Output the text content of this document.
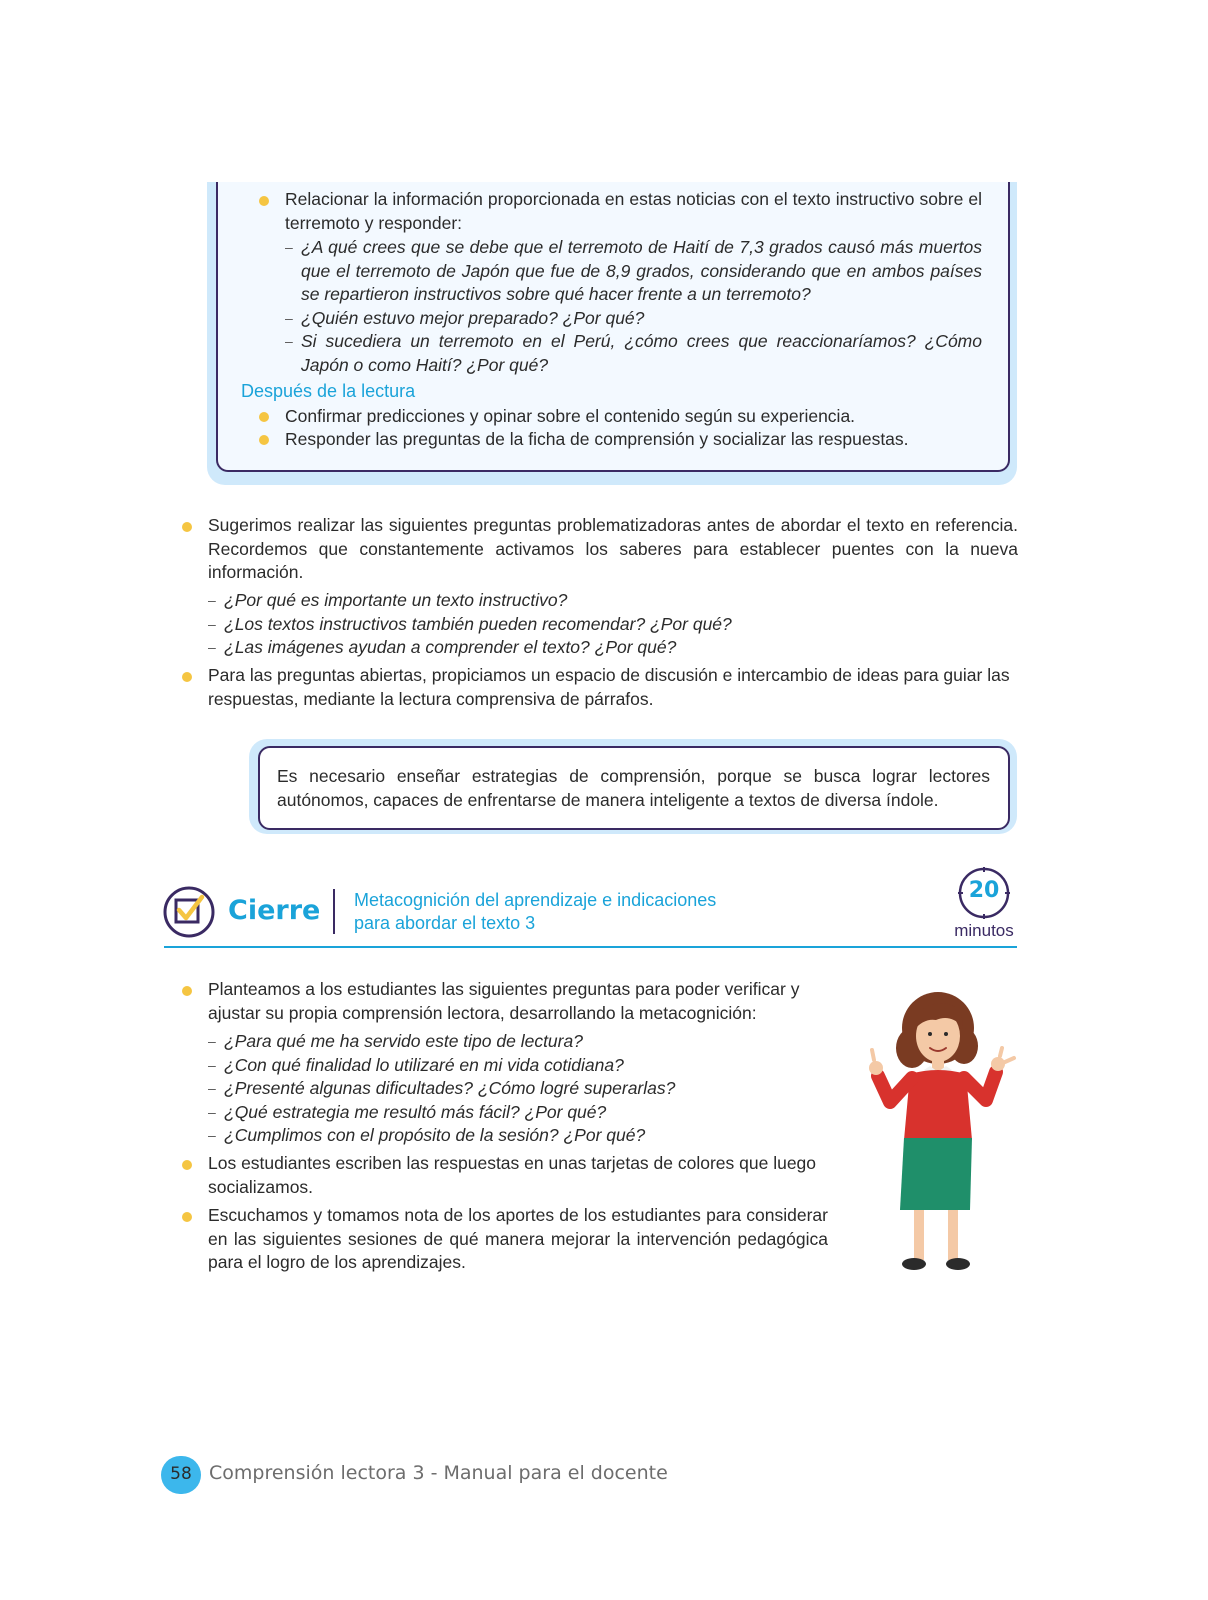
Relacionar la información proporcionada en estas noticias con el texto instructivo sobre el terremoto y responder:
– ¿A qué crees que se debe que el terremoto de Haití de 7,3 grados causó más muertos que el terremoto de Japón que fue de 8,9 grados, considerando que en ambos países se repartieron instructivos sobre qué hacer frente a un terremoto?
– ¿Quién estuvo mejor preparado? ¿Por qué?
– Si sucediera un terremoto en el Perú, ¿cómo crees que reaccionaríamos? ¿Cómo Japón o como Haití? ¿Por qué?
Después de la lectura
Confirmar predicciones y opinar sobre el contenido según su experiencia.
Responder las preguntas de la ficha de comprensión y socializar las respuestas.
Sugerimos realizar las siguientes preguntas problematizadoras antes de abordar el texto en referencia. Recordemos que constantemente activamos los saberes para establecer puentes con la nueva información.
– ¿Por qué es importante un texto instructivo?
– ¿Los textos instructivos también pueden recomendar? ¿Por qué?
– ¿Las imágenes ayudan a comprender el texto? ¿Por qué?
Para las preguntas abiertas, propiciamos un espacio de discusión e intercambio de ideas para guiar las respuestas, mediante la lectura comprensiva de párrafos.
Es necesario enseñar estrategias de comprensión, porque se busca lograr lectores autónomos, capaces de enfrentarse de manera inteligente a textos de diversa índole.
Cierre Metacognición del aprendizaje e indicaciones
para abordar el texto 3
20
minutos
Planteamos a los estudiantes las siguientes preguntas para poder verificar y ajustar su propia comprensión lectora, desarrollando la metacognición:
– ¿Para qué me ha servido este tipo de lectura?
– ¿Con qué finalidad lo utilizaré en mi vida cotidiana?
– ¿Presenté algunas dificultades? ¿Cómo logré superarlas?
– ¿Qué estrategia me resultó más fácil? ¿Por qué?
– ¿Cumplimos con el propósito de la sesión? ¿Por qué?
Los estudiantes escriben las respuestas en unas tarjetas de colores que luego socializamos.
Escuchamos y tomamos nota de los aportes de los estudiantes para considerar en las siguientes sesiones de qué manera mejorar la intervención pedagógica para el logro de los aprendizajes.
58 Comprensión lectora 3 - Manual para el docente
